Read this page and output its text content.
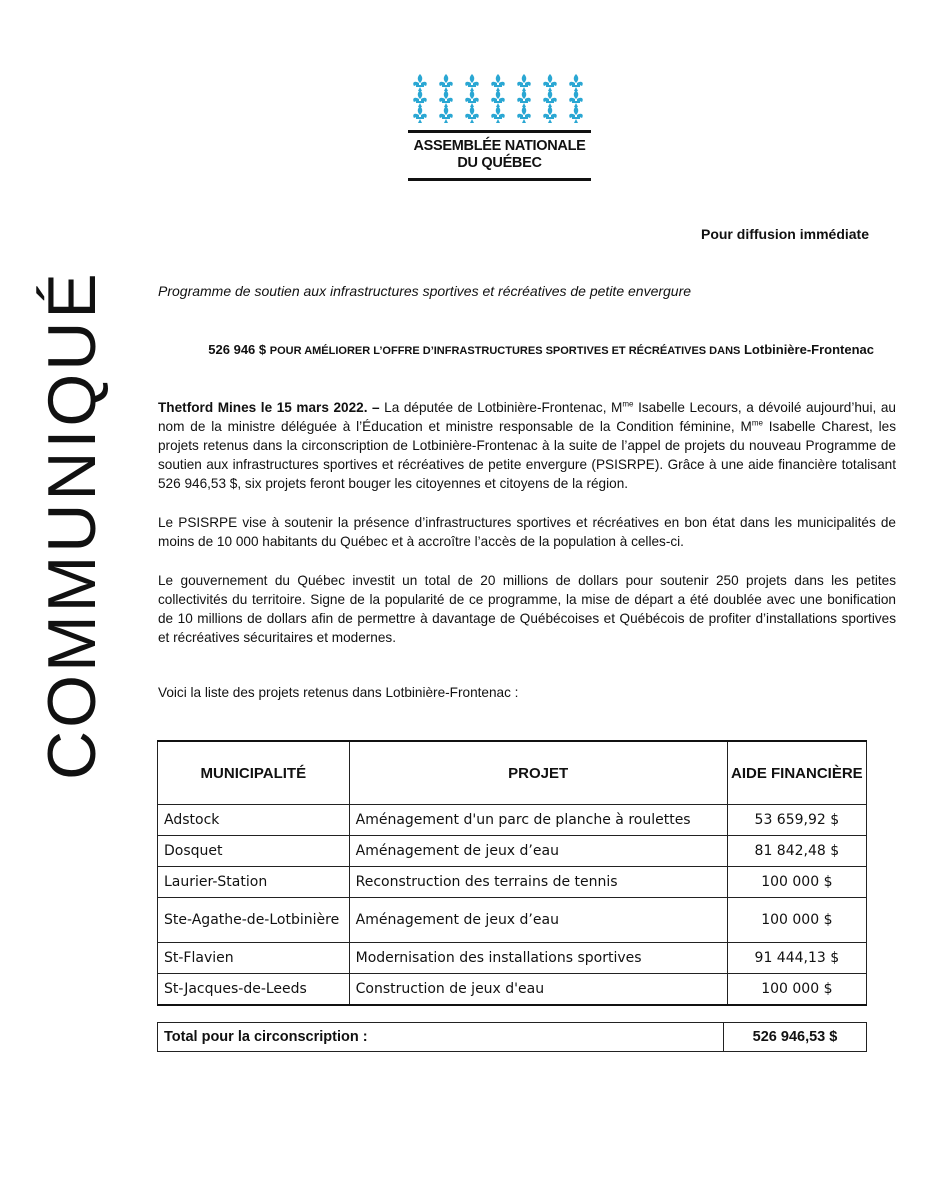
ASSEMBLÉE NATIONALE
DU QUÉBEC
COMMUNIQUÉ
Pour diffusion immédiate
Programme de soutien aux infrastructures sportives et récréatives de petite envergure
526 946 $ POUR AMÉLIORER L’OFFRE D’INFRASTRUCTURES SPORTIVES ET RÉCRÉATIVES DANS Lotbinière-Frontenac
Thetford Mines le 15 mars 2022. – La députée de Lotbinière-Frontenac, $M^{me}$ Isabelle Lecours, a dévoilé aujourd’hui, au nom de la ministre déléguée à l’Éducation et ministre responsable de la Condition féminine, $M^{me}$ Isabelle Charest, les projets retenus dans la circonscription de Lotbinière-Frontenac à la suite de l’appel de projets du nouveau Programme de soutien aux infrastructures sportives et récréatives de petite envergure (PSISRPE). Grâce à une aide financière totalisant 526 946,53 $, six projets feront bouger les citoyennes et citoyens de la région.
Le PSISRPE vise à soutenir la présence d’infrastructures sportives et récréatives en bon état dans les municipalités de moins de 10 000 habitants du Québec et à accroître l’accès de la population à celles-ci.
Le gouvernement du Québec investit un total de 20 millions de dollars pour soutenir 250 projets dans les petites collectivités du territoire. Signe de la popularité de ce programme, la mise de départ a été doublée avec une bonification de 10 millions de dollars afin de permettre à davantage de Québécoises et Québécois de profiter d’installations sportives et récréatives sécuritaires et modernes.
Voici la liste des projets retenus dans Lotbinière-Frontenac :
MUNICIPALITÉ	PROJET	AIDE FINANCIÈRE
Adstock	Aménagement d'un parc de planche à roulettes	53 659,92 $
Dosquet	Aménagement de jeux d’eau	81 842,48 $
Laurier-Station	Reconstruction des terrains de tennis	100 000 $
Ste-Agathe-de-Lotbinière	Aménagement de jeux d’eau	100 000 $
St-Flavien	Modernisation des installations sportives	91 444,13 $
St-Jacques-de-Leeds	Construction de jeux d'eau	100 000 $
Total pour la circonscription :	526 946,53 $
